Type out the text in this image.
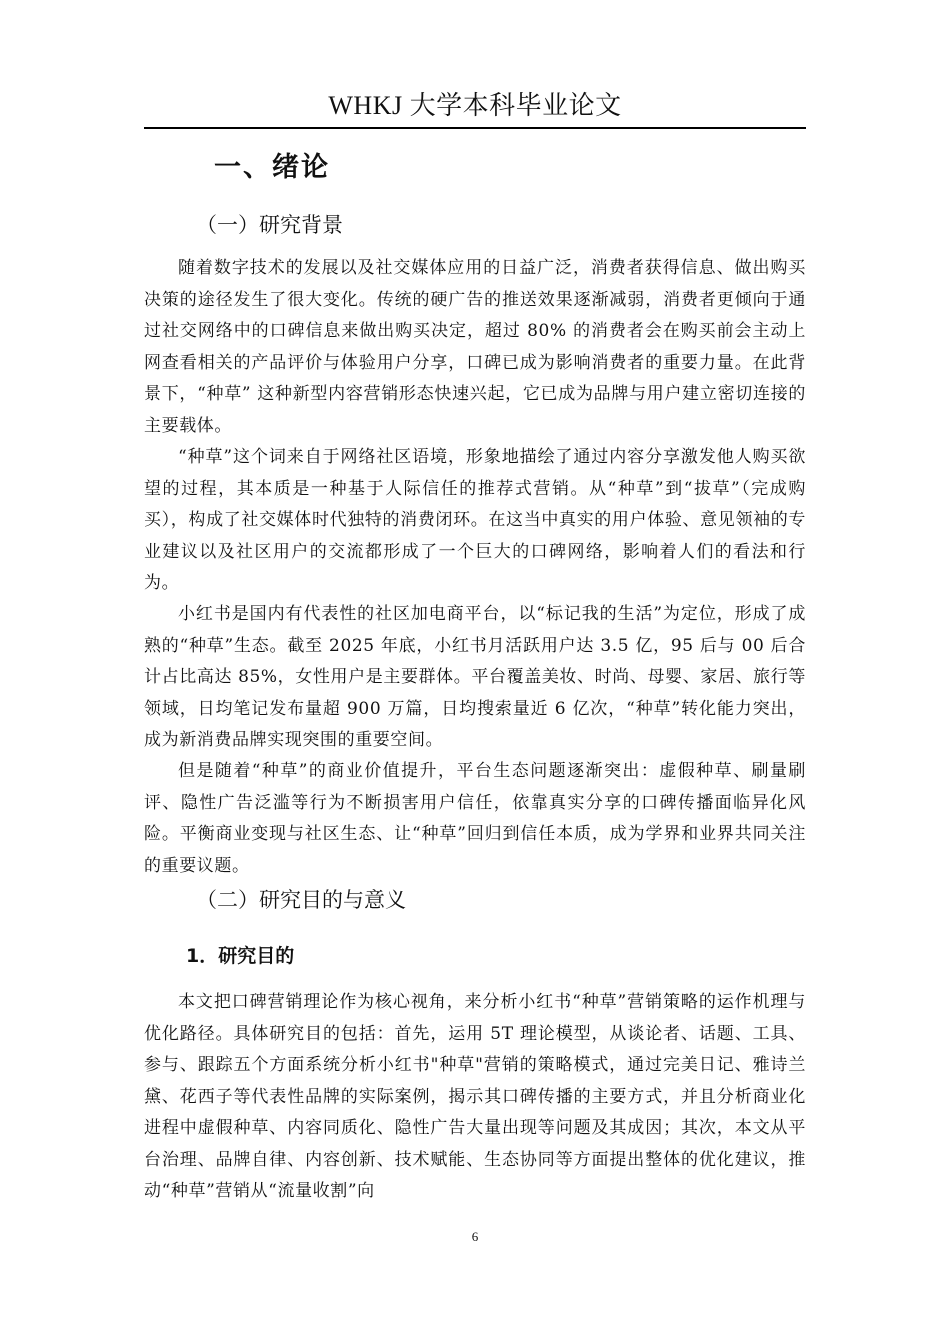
WHKJ 大学本科毕业论文
一、绪论
（一）研究背景

随着数字技术的发展以及社交媒体应用的日益广泛，消费者获得信息、做出购买决策的途径发生了很大变化。传统的硬广告的推送效果逐渐减弱，消费者更倾向于通过社交网络中的口碑信息来做出购买决定，超过 80% 的消费者会在购买前会主动上网查看相关的产品评价与体验用户分享，口碑已成为影响消费者的重要力量。在此背景下，“种草” 这种新型内容营销形态快速兴起，它已成为品牌与用户建立密切连接的主要载体。

“种草”这个词来自于网络社区语境，形象地描绘了通过内容分享激发他人购买欲望的过程，其本质是一种基于人际信任的推荐式营销。从“种草”到“拔草”（完成购买），构成了社交媒体时代独特的消费闭环。在这当中真实的用户体验、意见领袖的专业建议以及社区用户的交流都形成了一个巨大的口碑网络，影响着人们的看法和行为。

小红书是国内有代表性的社区加电商平台，以“标记我的生活”为定位，形成了成熟的“种草”生态。截至 2025 年底，小红书月活跃用户达 3.5 亿，95 后与 00 后合计占比高达 85%，女性用户是主要群体。平台覆盖美妆、时尚、母婴、家居、旅行等领域，日均笔记发布量超 900 万篇，日均搜索量近 6 亿次，“种草”转化能力突出，成为新消费品牌实现突围的重要空间。

但是随着“种草”的商业价值提升，平台生态问题逐渐突出：虚假种草、刷量刷评、隐性广告泛滥等行为不断损害用户信任，依靠真实分享的口碑传播面临异化风险。平衡商业变现与社区生态、让“种草”回归到信任本质，成为学界和业界共同关注的重要议题。

（二）研究目的与意义
1．研究目的

本文把口碑营销理论作为核心视角，来分析小红书“种草”营销策略的运作机理与优化路径。具体研究目的包括：首先，运用 5T 理论模型，从谈论者、话题、工具、参与、跟踪五个方面系统分析小红书"种草"营销的策略模式，通过完美日记、雅诗兰黛、花西子等代表性品牌的实际案例，揭示其口碑传播的主要方式，并且分析商业化进程中虚假种草、内容同质化、隐性广告大量出现等问题及其成因；其次，本文从平台治理、品牌自律、内容创新、技术赋能、生态协同等方面提出整体的优化建议，推动“种草”营销从“流量收割”向

6
